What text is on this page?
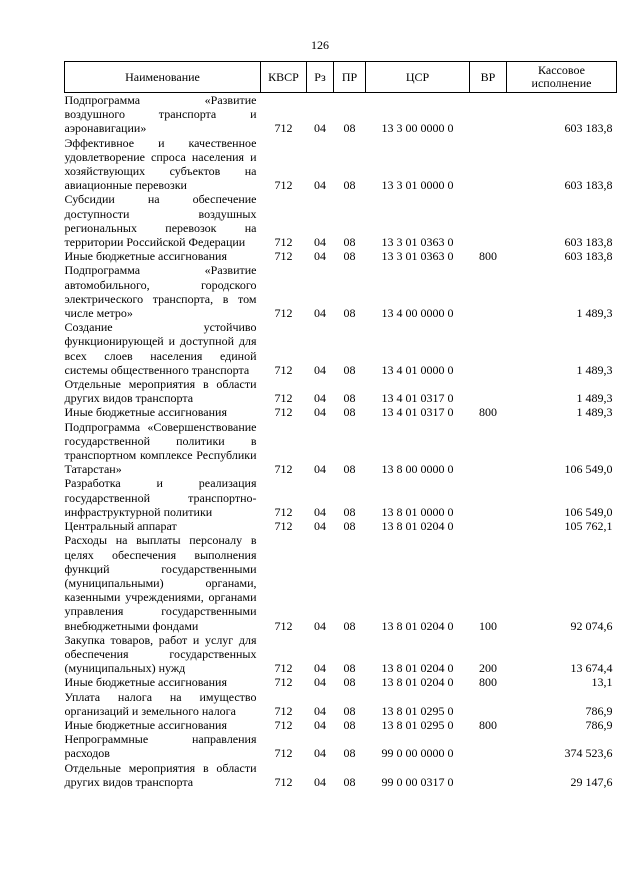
126
Наименование	КВСР	Рз	ПР	ЦСР	ВР	Кассовое исполнение
Подпрограмма «Развитие воздушного транспорта и аэронавигации»	712	04	08	13 3 00 0000 0		603 183,8
Эффективное и качественное удовлетворение спроса населения и хозяйствующих субъектов на авиационные перевозки	712	04	08	13 3 01 0000 0		603 183,8
Субсидии на обеспечение доступности воздушных региональных перевозок на территории Российской Федерации	712	04	08	13 3 01 0363 0		603 183,8
Иные бюджетные ассигнования	712	04	08	13 3 01 0363 0	800	603 183,8
Подпрограмма «Развитие автомобильного, городского электрического транспорта, в том числе метро»	712	04	08	13 4 00 0000 0		1 489,3
Создание устойчиво функционирующей и доступной для всех слоев населения единой системы общественного транспорта	712	04	08	13 4 01 0000 0		1 489,3
Отдельные мероприятия в области других видов транспорта	712	04	08	13 4 01 0317 0		1 489,3
Иные бюджетные ассигнования	712	04	08	13 4 01 0317 0	800	1 489,3
Подпрограмма «Совершенствование государственной политики в транспортном комплексе Республики Татарстан»	712	04	08	13 8 00 0000 0		106 549,0
Разработка и реализация государственной транспортно-инфраструктурной политики	712	04	08	13 8 01 0000 0		106 549,0
Центральный аппарат	712	04	08	13 8 01 0204 0		105 762,1
Расходы на выплаты персоналу в целях обеспечения выполнения функций государственными (муниципальными) органами, казенными учреждениями, органами управления государственными внебюджетными фондами	712	04	08	13 8 01 0204 0	100	92 074,6
Закупка товаров, работ и услуг для обеспечения государственных (муниципальных) нужд	712	04	08	13 8 01 0204 0	200	13 674,4
Иные бюджетные ассигнования	712	04	08	13 8 01 0204 0	800	13,1
Уплата налога на имущество организаций и земельного налога	712	04	08	13 8 01 0295 0		786,9
Иные бюджетные ассигнования	712	04	08	13 8 01 0295 0	800	786,9
Непрограммные направления расходов	712	04	08	99 0 00 0000 0		374 523,6
Отдельные мероприятия в области других видов транспорта	712	04	08	99 0 00 0317 0		29 147,6
